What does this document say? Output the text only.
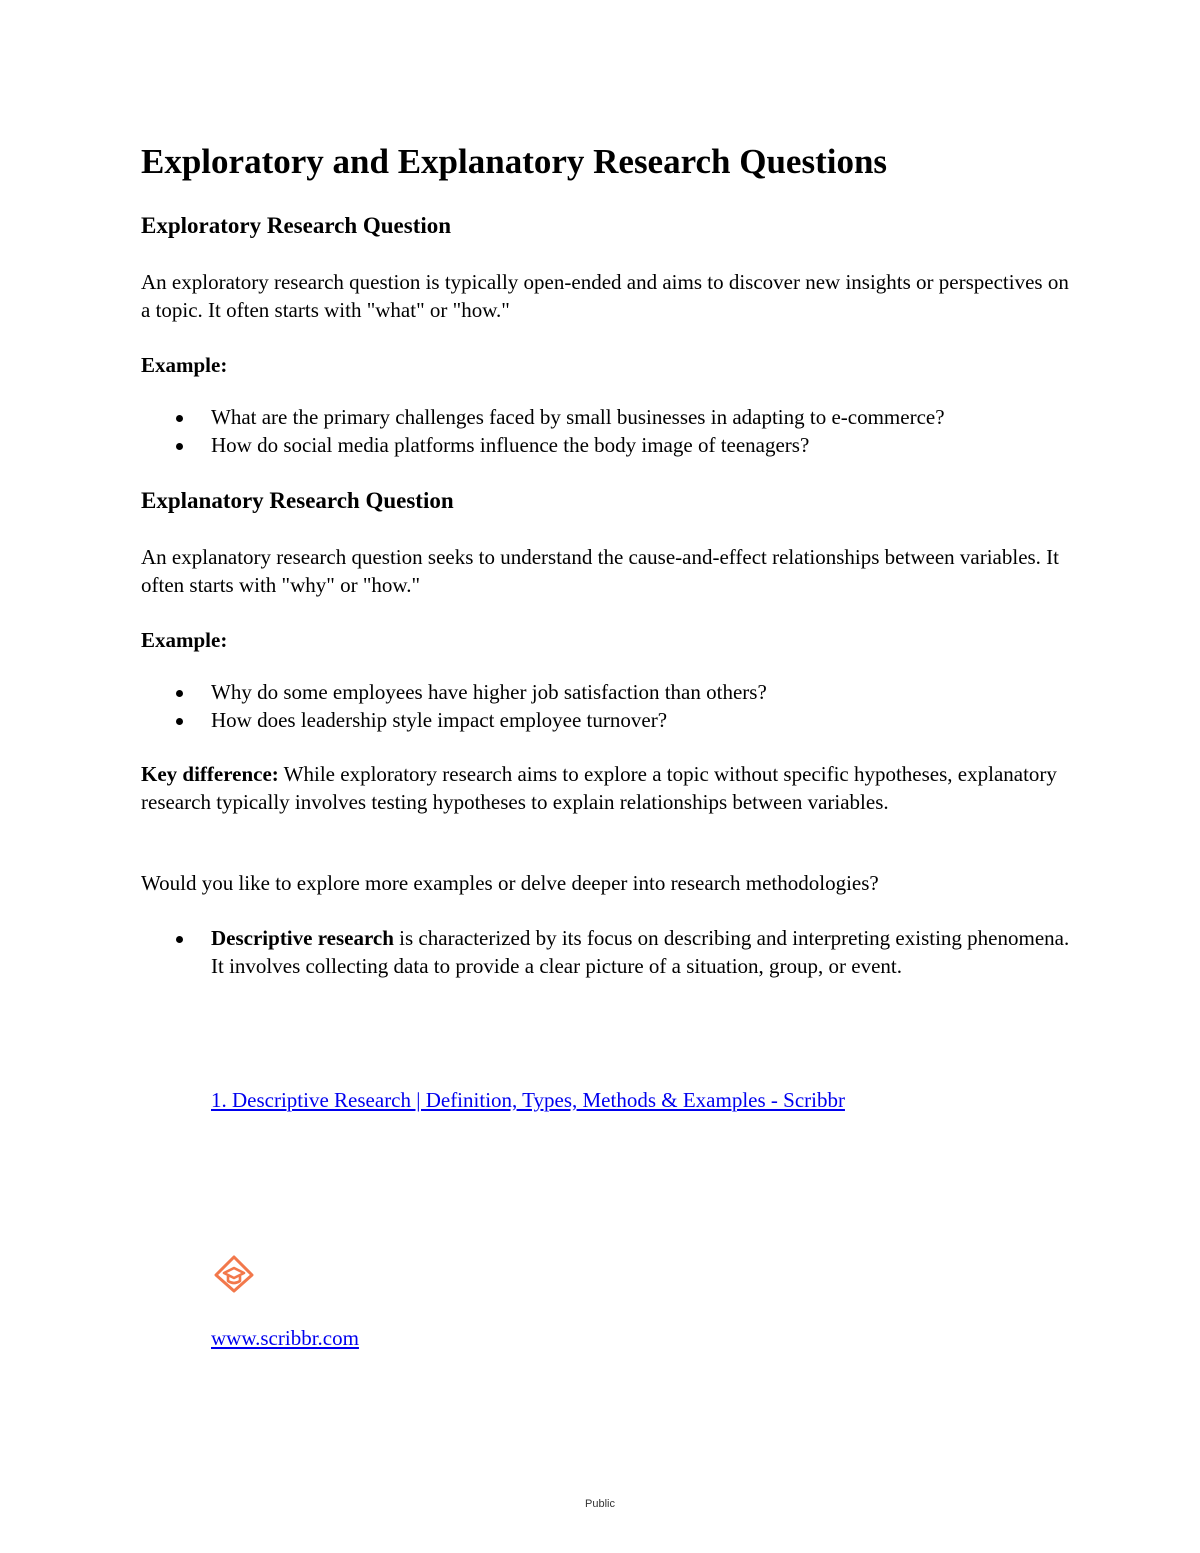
Exploratory and Explanatory Research Questions
Exploratory Research Question

An exploratory research question is typically open-ended and aims to discover new insights or perspectives on a topic. It often starts with "what" or "how."

Example:

What are the primary challenges faced by small businesses in adapting to e-commerce?
How do social media platforms influence the body image of teenagers?
Explanatory Research Question

An explanatory research question seeks to understand the cause-and-effect relationships between variables. It often starts with "why" or "how."

Example:

Why do some employees have higher job satisfaction than others?
How does leadership style impact employee turnover?

Key difference: While exploratory research aims to explore a topic without specific hypotheses, explanatory research typically involves testing hypotheses to explain relationships between variables.

Would you like to explore more examples or delve deeper into research methodologies?

Descriptive research is characterized by its focus on describing and interpreting existing phenomena. It involves collecting data to provide a clear picture of a situation, group, or event.
1. Descriptive Research | Definition, Types, Methods & Examples - Scribbr
www.scribbr.com
Public
